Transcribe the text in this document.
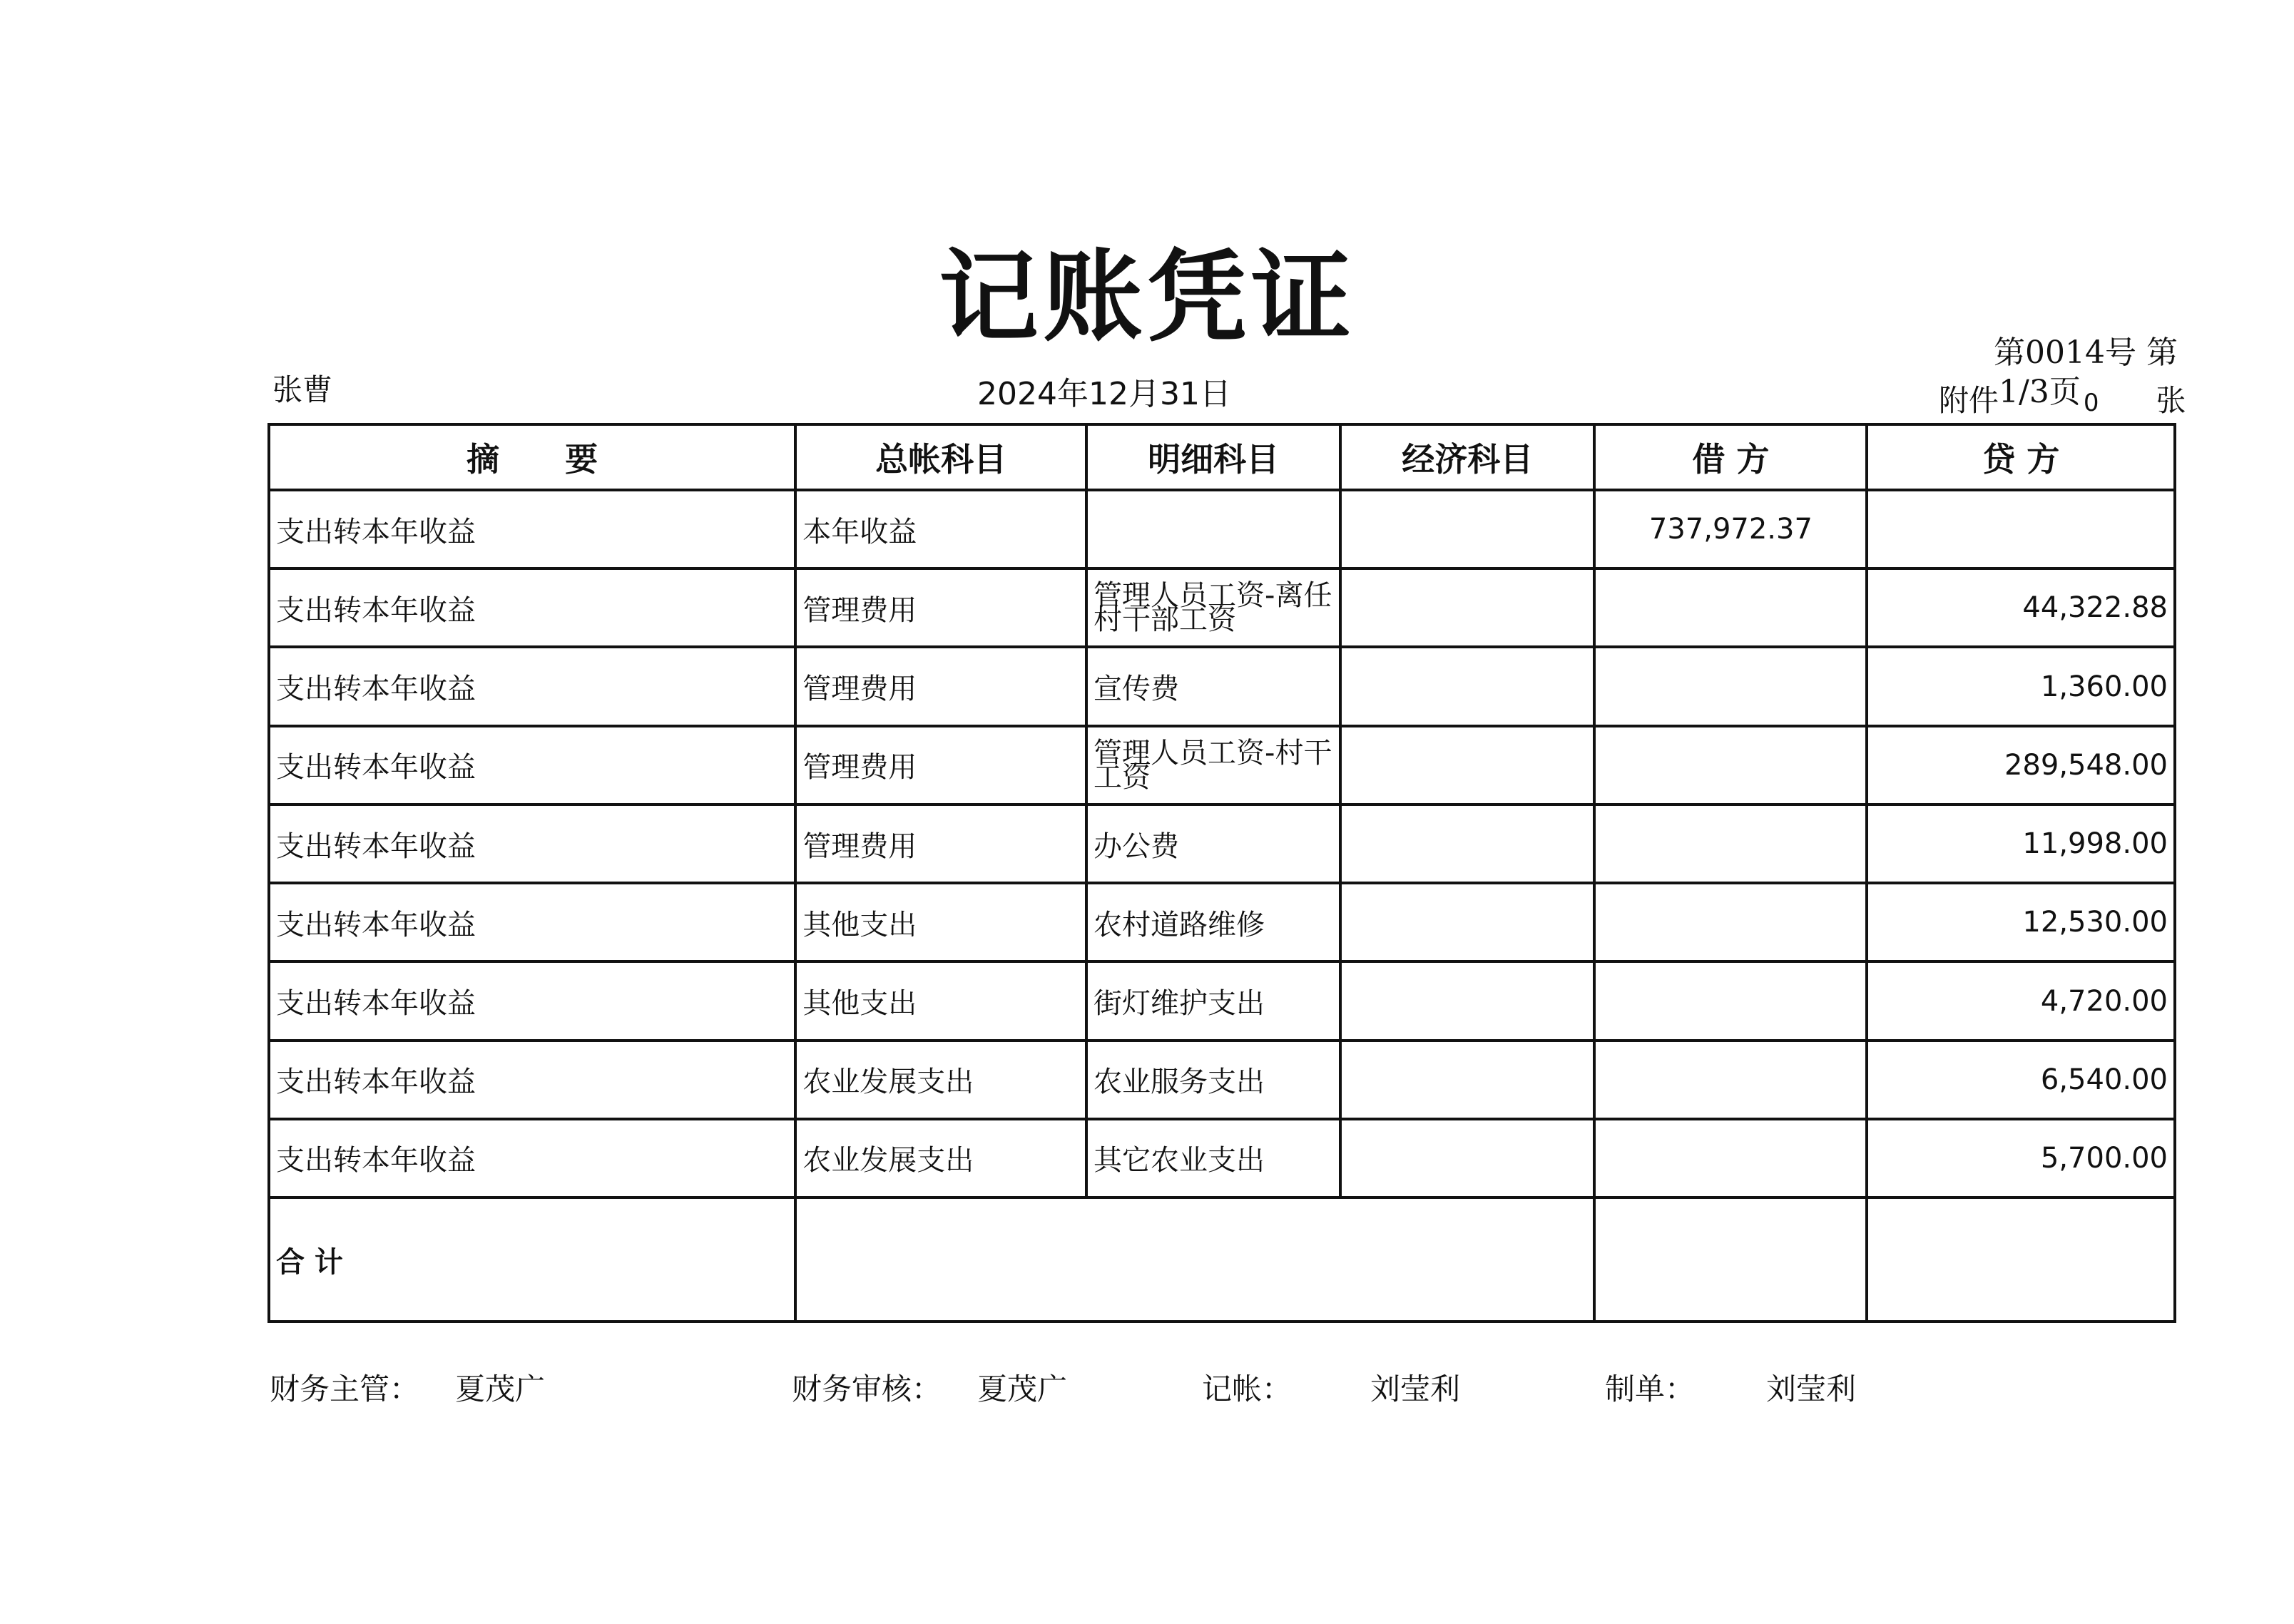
记账凭证	第0014号 第
张曹	2024年12月31日	附件1/3页 0 张
摘　　要	总帐科目	明细科目	经济科目	借 方	贷 方
支出转本年收益	本年收益			737,972.37	
支出转本年收益	管理费用	管理人员工资-离任村干部工资			44,322.88
支出转本年收益	管理费用	宣传费			1,360.00
支出转本年收益	管理费用	管理人员工资-村干工资			289,548.00
支出转本年收益	管理费用	办公费			11,998.00
支出转本年收益	其他支出	农村道路维修			12,530.00
支出转本年收益	其他支出	街灯维护支出			4,720.00
支出转本年收益	农业发展支出	农业服务支出			6,540.00
支出转本年收益	农业发展支出	其它农业支出			5,700.00
合 计					
财务主管： 夏茂广	财务审核： 夏茂广	记帐：	刘莹利	制单： 刘莹利
